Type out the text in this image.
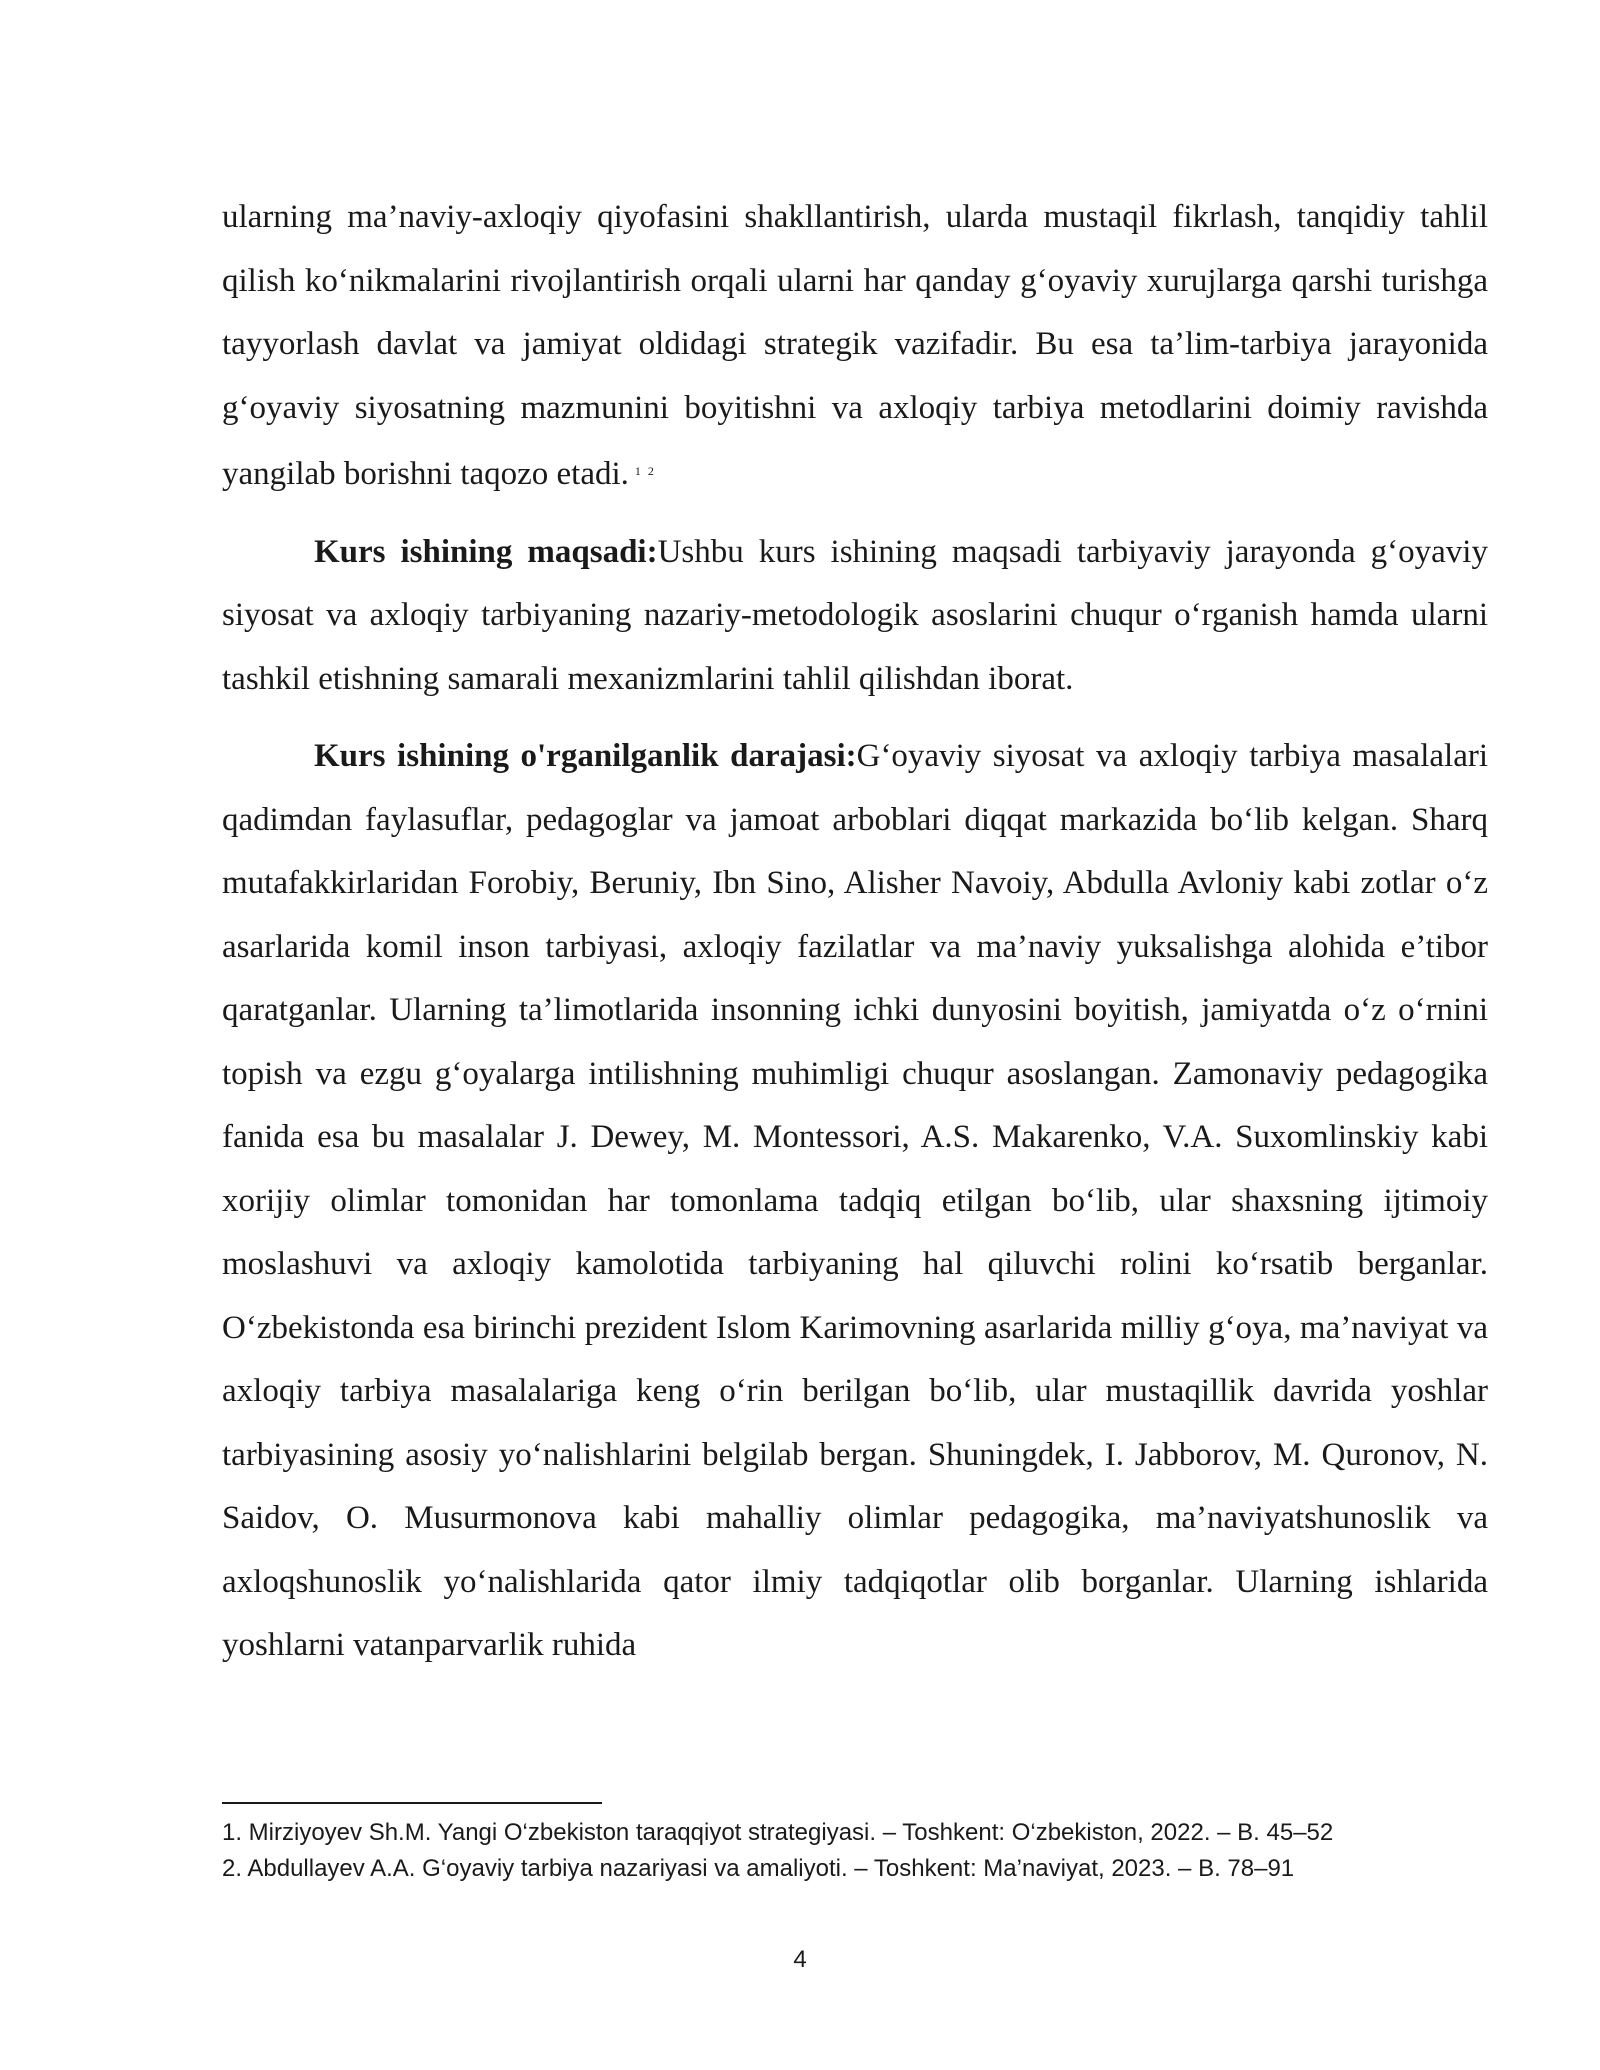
ularning ma’naviy-axloqiy qiyofasini shakllantirish, ularda mustaqil fikrlash, tanqidiy tahlil qilish ko‘nikmalarini rivojlantirish orqali ularni har qanday g‘oyaviy xurujlarga qarshi turishga tayyorlash davlat va jamiyat oldidagi strategik vazifadir. Bu esa ta’lim-tarbiya jarayonida g‘oyaviy siyosatning mazmunini boyitishni va axloqiy tarbiya metodlarini doimiy ravishda yangilab borishni taqozo etadi. $^{1 2}$

Kurs ishining maqsadi:Ushbu kurs ishining maqsadi tarbiyaviy jarayonda g‘oyaviy siyosat va axloqiy tarbiyaning nazariy-metodologik asoslarini chuqur o‘rganish hamda ularni tashkil etishning samarali mexanizmlarini tahlil qilishdan iborat.

Kurs ishining o'rganilganlik darajasi:G‘oyaviy siyosat va axloqiy tarbiya masalalari qadimdan faylasuflar, pedagoglar va jamoat arboblari diqqat markazida bo‘lib kelgan. Sharq mutafakkirlaridan Forobiy, Beruniy, Ibn Sino, Alisher Navoiy, Abdulla Avloniy kabi zotlar o‘z asarlarida komil inson tarbiyasi, axloqiy fazilatlar va ma’naviy yuksalishga alohida e’tibor qaratganlar. Ularning ta’limotlarida insonning ichki dunyosini boyitish, jamiyatda o‘z o‘rnini topish va ezgu g‘oyalarga intilishning muhimligi chuqur asoslangan. Zamonaviy pedagogika fanida esa bu masalalar J. Dewey, M. Montessori, A.S. Makarenko, V.A. Suxomlinskiy kabi xorijiy olimlar tomonidan har tomonlama tadqiq etilgan bo‘lib, ular shaxsning ijtimoiy moslashuvi va axloqiy kamolotida tarbiyaning hal qiluvchi rolini ko‘rsatib berganlar. O‘zbekistonda esa birinchi prezident Islom Karimovning asarlarida milliy g‘oya, ma’naviyat va axloqiy tarbiya masalalariga keng o‘rin berilgan bo‘lib, ular mustaqillik davrida yoshlar tarbiyasining asosiy yo‘nalishlarini belgilab bergan. Shuningdek, I. Jabborov, M. Quronov, N. Saidov, O. Musurmonova kabi mahalliy olimlar pedagogika, ma’naviyatshunoslik va axloqshunoslik yo‘nalishlarida qator ilmiy tadqiqotlar olib borganlar. Ularning ishlarida yoshlarni vatanparvarlik ruhida

1. Mirziyoyev Sh.M. Yangi O‘zbekiston taraqqiyot strategiyasi. – Toshkent: O‘zbekiston, 2022. – B. 45–52

2. Abdullayev A.A. G‘oyaviy tarbiya nazariyasi va amaliyoti. – Toshkent: Ma’naviyat, 2023. – B. 78–91

4
